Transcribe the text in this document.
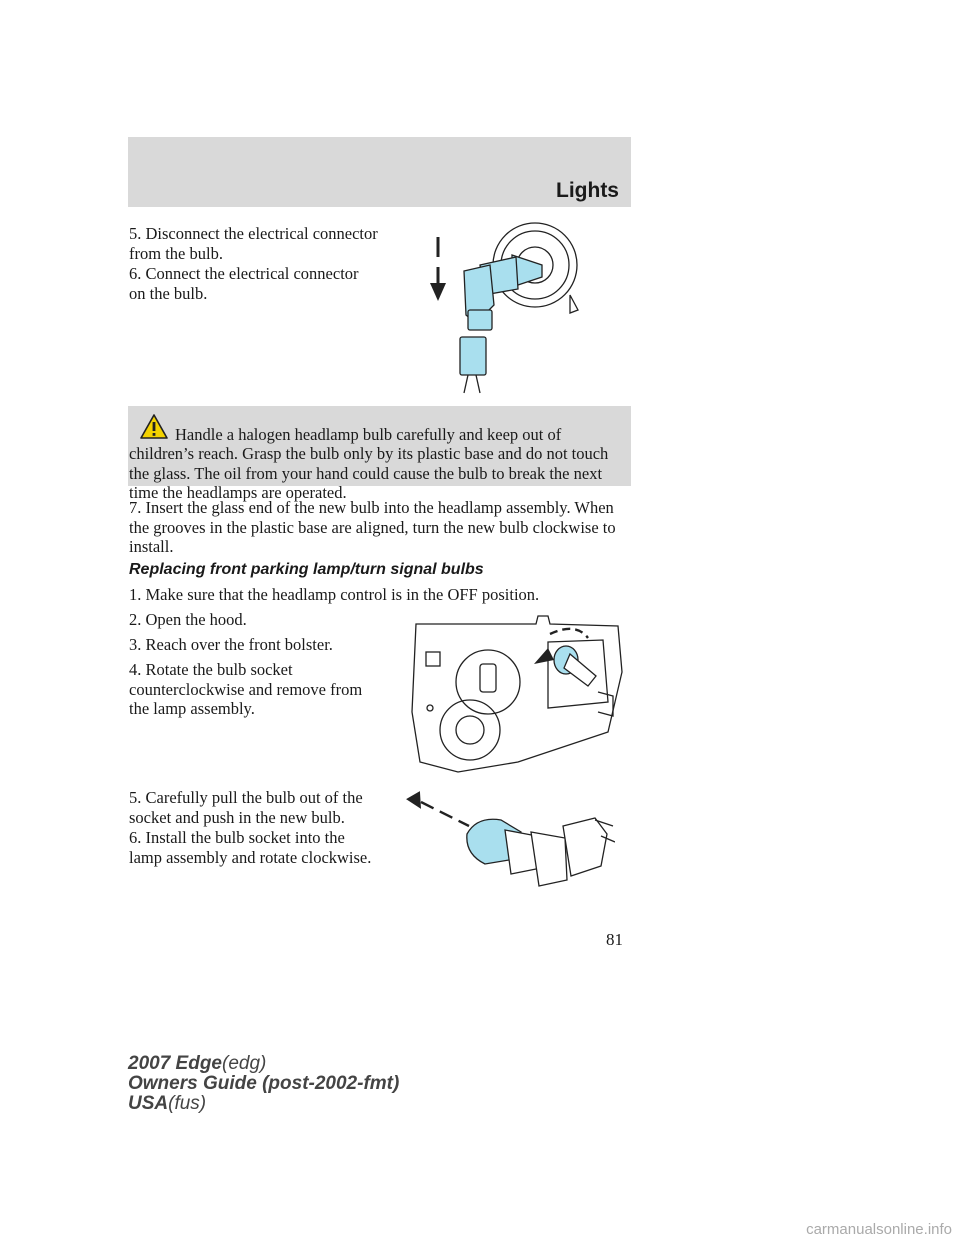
Lights

5. Disconnect the electrical connector from the bulb.

6. Connect the electrical connector on the bulb.

Handle a halogen headlamp bulb carefully and keep out of children’s reach. Grasp the bulb only by its plastic base and do not touch the glass. The oil from your hand could cause the bulb to break the next time the headlamps are operated.

7. Insert the glass end of the new bulb into the headlamp assembly. When the grooves in the plastic base are aligned, turn the new bulb clockwise to install.

Replacing front parking lamp/turn signal bulbs

1. Make sure that the headlamp control is in the OFF position.

2. Open the hood.

3. Reach over the front bolster.

4. Rotate the bulb socket counterclockwise and remove from the lamp assembly.

5. Carefully pull the bulb out of the socket and push in the new bulb.

6. Install the bulb socket into the lamp assembly and rotate clockwise.

81
2007 Edge(edg)
Owners Guide (post-2002-fmt)
USA(fus)
carmanualsonline.info
